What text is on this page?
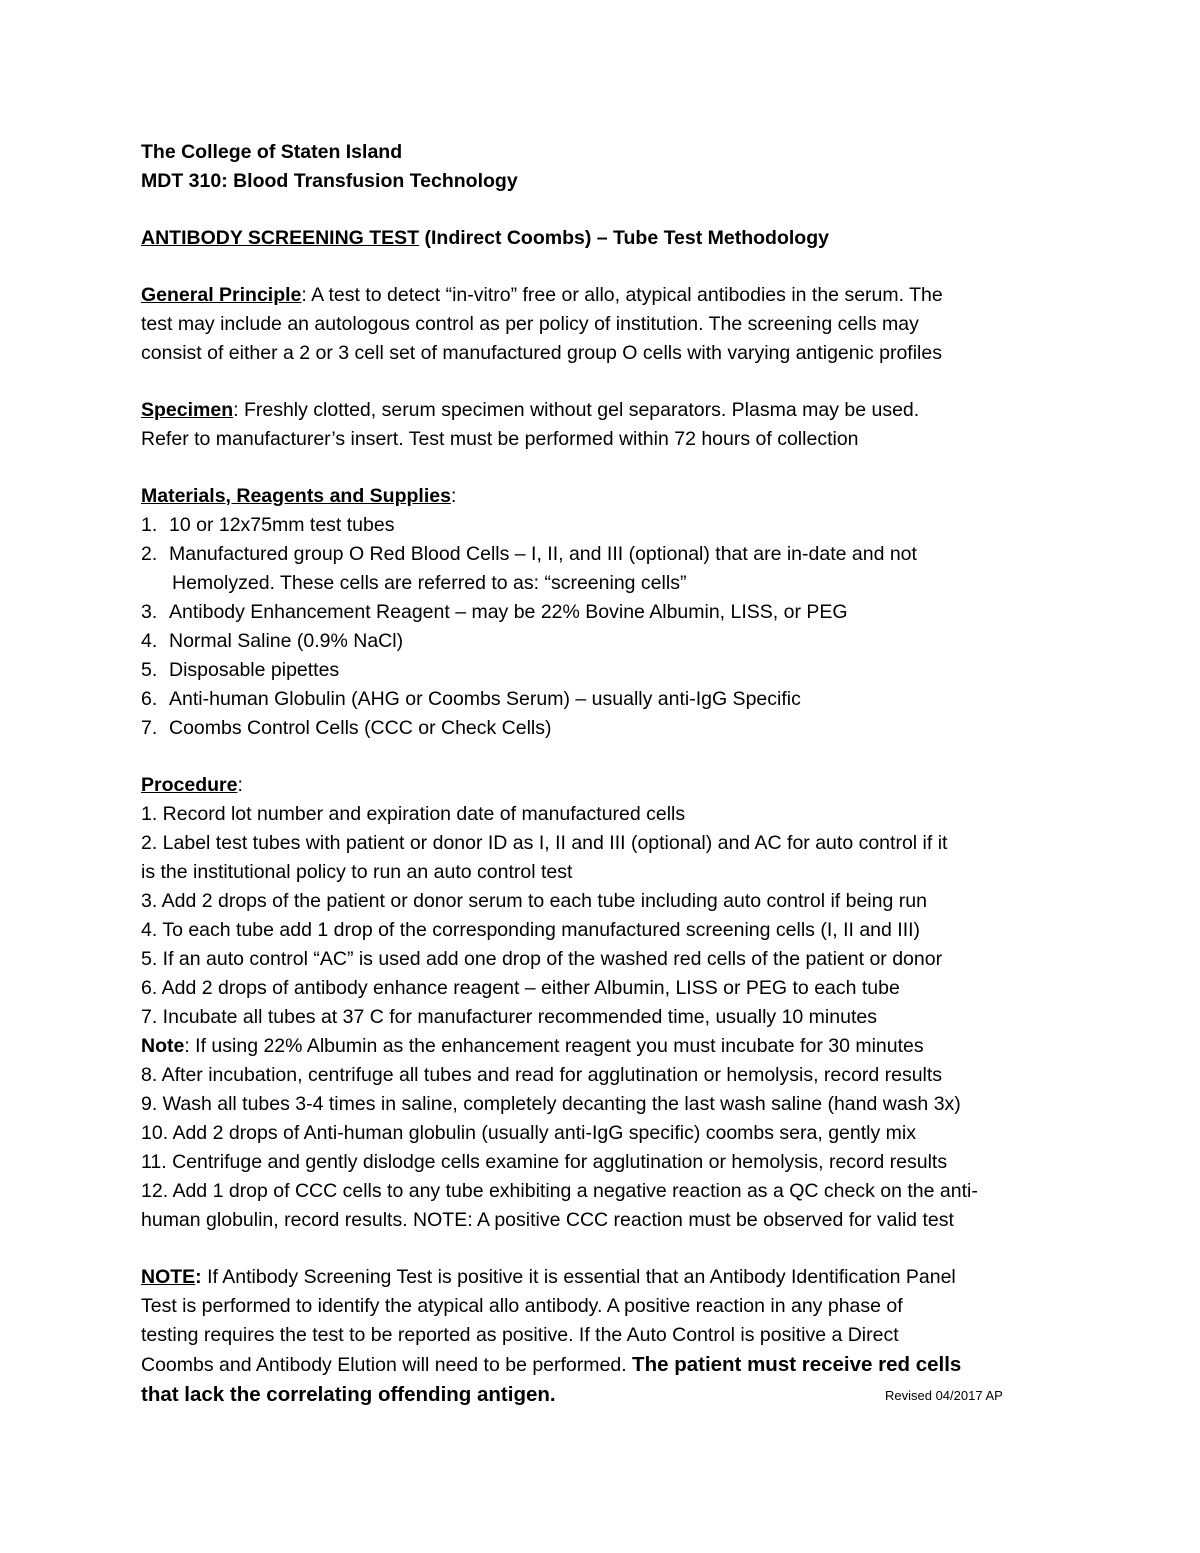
The College of Staten Island
MDT 310: Blood Transfusion Technology
ANTIBODY SCREENING TEST (Indirect Coombs) – Tube Test Methodology
General Principle: A test to detect “in-vitro” free or allo, atypical antibodies in the serum. The
test may include an autologous control as per policy of institution. The screening cells may
consist of either a 2 or 3 cell set of manufactured group O cells with varying antigenic profiles
Specimen: Freshly clotted, serum specimen without gel separators. Plasma may be used.
Refer to manufacturer’s insert. Test must be performed within 72 hours of collection
Materials, Reagents and Supplies:
1. 10 or 12x75mm test tubes
2. Manufactured group O Red Blood Cells – I, II, and III (optional) that are in-date and not
Hemolyzed. These cells are referred to as: “screening cells”
3. Antibody Enhancement Reagent – may be 22% Bovine Albumin, LISS, or PEG
4. Normal Saline (0.9% NaCl)
5. Disposable pipettes
6. Anti-human Globulin (AHG or Coombs Serum) – usually anti-IgG Specific
7. Coombs Control Cells (CCC or Check Cells)
Procedure:
1. Record lot number and expiration date of manufactured cells
2. Label test tubes with patient or donor ID as I, II and III (optional) and AC for auto control if it
is the institutional policy to run an auto control test
3. Add 2 drops of the patient or donor serum to each tube including auto control if being run
4. To each tube add 1 drop of the corresponding manufactured screening cells (I, II and III)
5. If an auto control “AC” is used add one drop of the washed red cells of the patient or donor
6. Add 2 drops of antibody enhance reagent – either Albumin, LISS or PEG to each tube
7. Incubate all tubes at 37 C for manufacturer recommended time, usually 10 minutes
Note: If using 22% Albumin as the enhancement reagent you must incubate for 30 minutes
8. After incubation, centrifuge all tubes and read for agglutination or hemolysis, record results
9. Wash all tubes 3-4 times in saline, completely decanting the last wash saline (hand wash 3x)
10. Add 2 drops of Anti-human globulin (usually anti-IgG specific) coombs sera, gently mix
11. Centrifuge and gently dislodge cells examine for agglutination or hemolysis, record results
12. Add 1 drop of CCC cells to any tube exhibiting a negative reaction as a QC check on the anti-
human globulin, record results. NOTE: A positive CCC reaction must be observed for valid test
NOTE: If Antibody Screening Test is positive it is essential that an Antibody Identification Panel
Test is performed to identify the atypical allo antibody. A positive reaction in any phase of
testing requires the test to be reported as positive. If the Auto Control is positive a Direct
Coombs and Antibody Elution will need to be performed. The patient must receive red cells
that lack the correlating offending antigen.	Revised 04/2017 AP
